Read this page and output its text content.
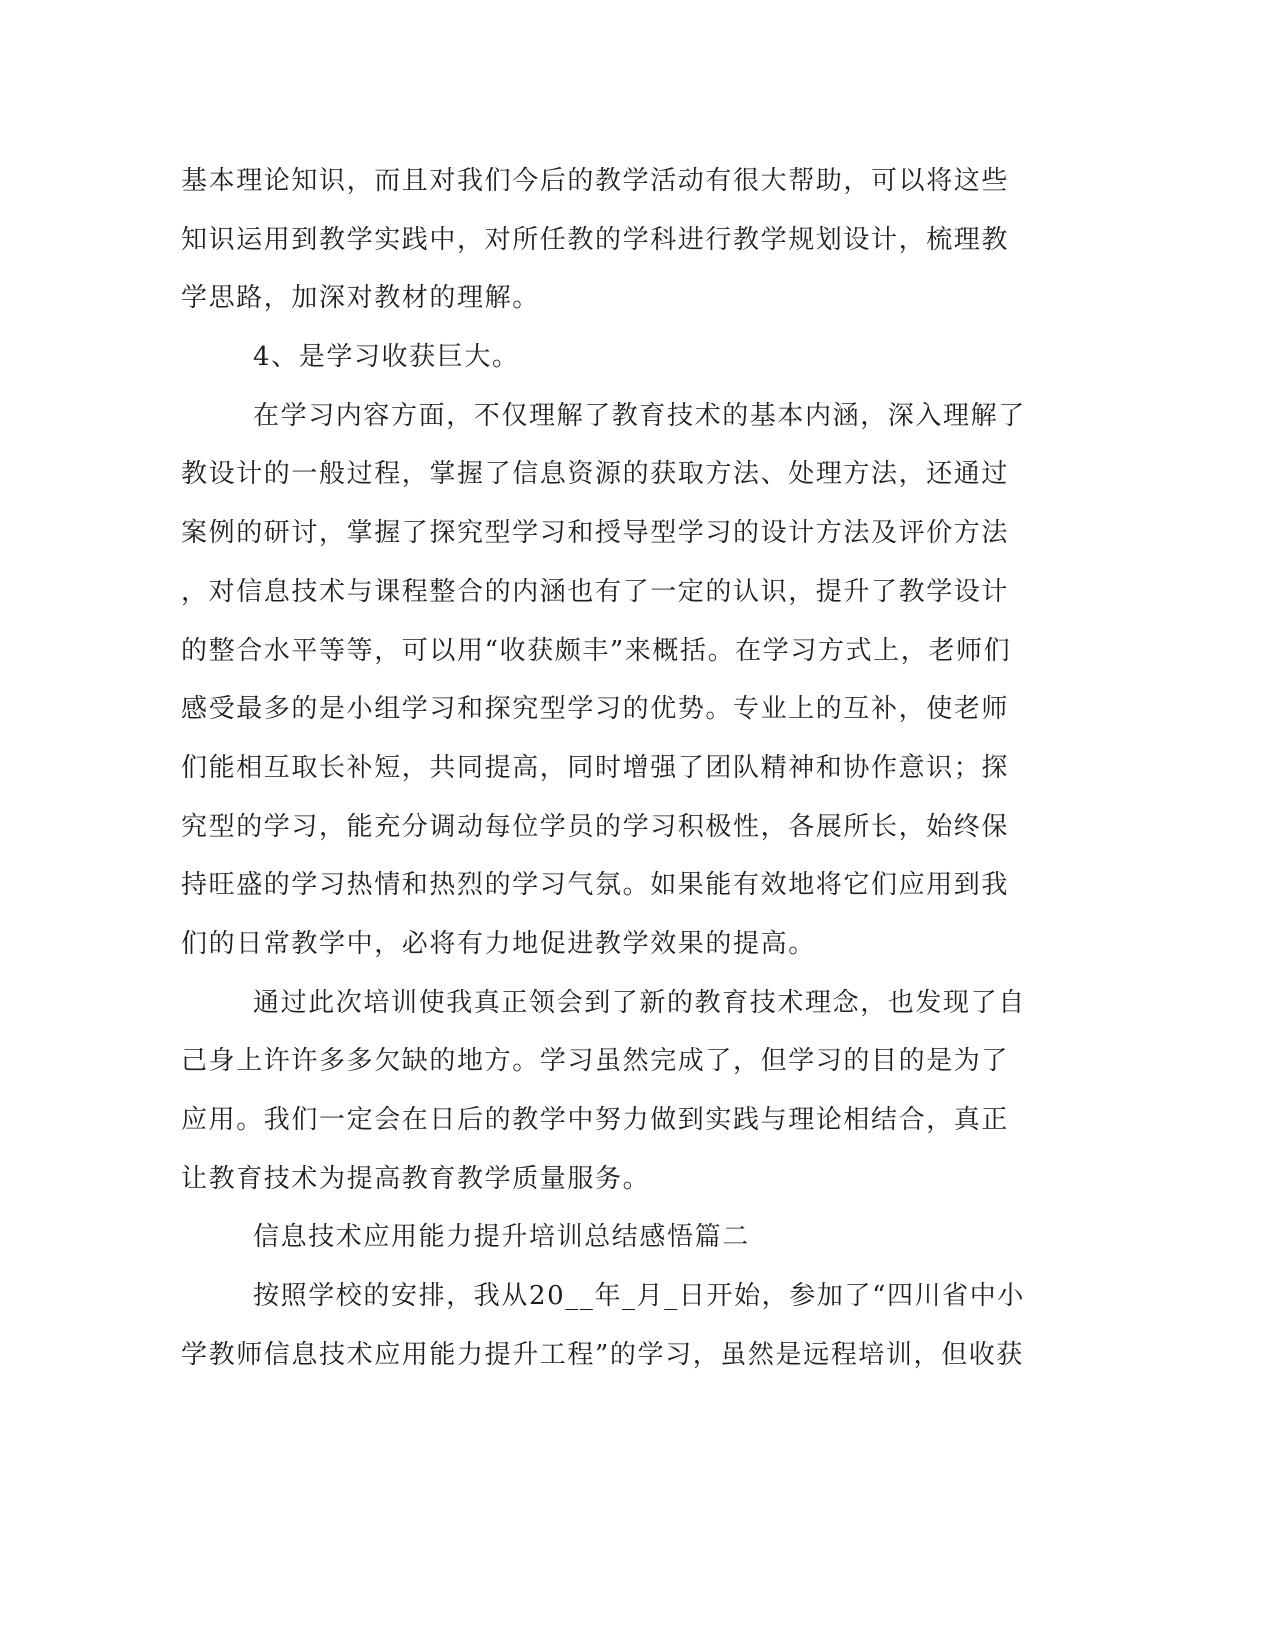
基本理论知识，而且对我们今后的教学活动有很大帮助，可以将这些
知识运用到教学实践中，对所任教的学科进行教学规划设计，梳理教
学思路，加深对教材的理解。
4、是学习收获巨大。
在学习内容方面，不仅理解了教育技术的基本内涵，深入理解了
教设计的一般过程，掌握了信息资源的获取方法、处理方法，还通过
案例的研讨，掌握了探究型学习和授导型学习的设计方法及评价方法
，对信息技术与课程整合的内涵也有了一定的认识，提升了教学设计
的整合水平等等，可以用“收获颇丰”来概括。在学习方式上，老师们
感受最多的是小组学习和探究型学习的优势。专业上的互补，使老师
们能相互取长补短，共同提高，同时增强了团队精神和协作意识；探
究型的学习，能充分调动每位学员的学习积极性，各展所长，始终保
持旺盛的学习热情和热烈的学习气氛。如果能有效地将它们应用到我
们的日常教学中，必将有力地促进教学效果的提高。
通过此次培训使我真正领会到了新的教育技术理念，也发现了自
己身上许许多多欠缺的地方。学习虽然完成了，但学习的目的是为了
应用。我们一定会在日后的教学中努力做到实践与理论相结合，真正
让教育技术为提高教育教学质量服务。
信息技术应用能力提升培训总结感悟篇二
按照学校的安排，我从20__年_月_日开始，参加了“四川省中小
学教师信息技术应用能力提升工程”的学习，虽然是远程培训，但收获
